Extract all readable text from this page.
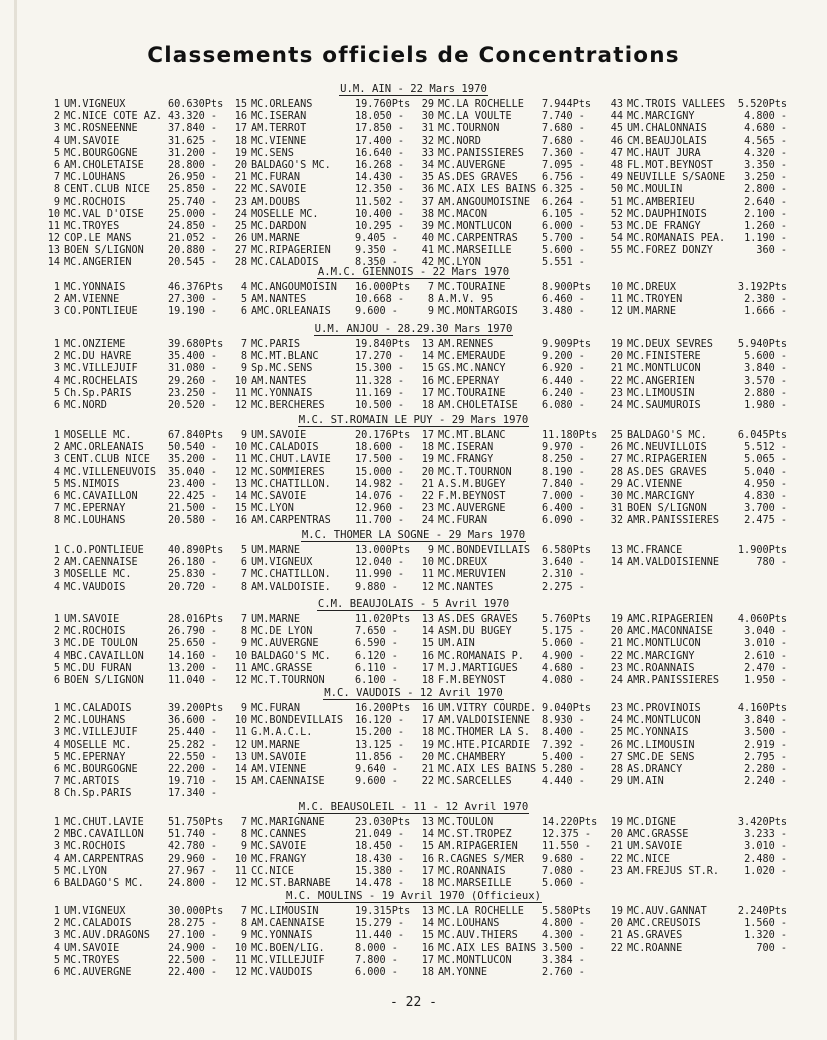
Classements officiels de Concentrations
U.M. AIN - 22 Mars 1970
1 UM.VIGNEUX	60.630Pts
2 MC.NICE COTE AZ. 43.320 -
3 MC.ROSNEENNE	37.840 -
4 UM.SAVOIE	31.625 -
5 MC.BOURGOGNE	31.200 -
6 AM.CHOLETAISE 28.800 -
7 MC.LOUHANS	26.950 -
8 CENT.CLUB NICE 25.850 -
9 MC.ROCHOIS	25.740 -
10 MC.VAL D'OISE 25.000 -
11 MC.TROYES	24.850 -
12 COP.LE MANS	21.052 -
13 BOEN S/LIGNON 20.880 -
14 MC.ANGERIEN	20.545 -
15 MC.ORLEANS	19.760Pts
16 MC.ISERAN	18.050 -
17 AM.TERROT	17.850 -
18 MC.VIENNE	17.400 -
19 MC.SENS	16.640 -
20 BALDAGO'S MC. 16.268 -
21 MC.FURAN	14.430 -
22 MC.SAVOIE	12.350 -
23 AM.DOUBS	11.502 -
24 MOSELLE MC.	10.400 -
25 MC.DARDON	10.295 -
26 UM.MARNE	9.405 -
27 MC.RIPAGERIEN 9.350 -
28 MC.CALADOIS	8.350 -
29 MC.LA ROCHELLE 7.944Pts
30 MC.LA VOULTE	7.740 -
31 MC.TOURNON	7.680 -
32 MC.NORD	7.680 -
33 MC.PANISSIERES 7.360 -
34 MC.AUVERGNE	7.095 -
35 AS.DES GRAVES 6.756 -
36 MC.AIX LES BAINS 6.325 -
37 AM.ANGOUMOISINE 6.264 -
38 MC.MACON	6.105 -
39 MC.MONTLUCON	6.000 -
40 MC.CARPENTRAS 5.700 -
41 MC.MARSEILLE	5.600 -
42 MC.LYON	5.551 -
43 MC.TROIS VALLEES	5.520Pts
44 MC.MARCIGNY	4.800 -
45 UM.CHALONNAIS	4.680 -
46 CM.BEAUJOLAIS	4.565 -
47 MC.HAUT JURA	4.320 -
48 FL.MOT.BEYNOST	3.350 -
49 NEUVILLE S/SAONE	3.250 -
50 MC.MOULIN	2.800 -
51 MC.AMBERIEU	2.640 -
52 MC.DAUPHINOIS	2.100 -
53 MC.DE FRANGY	1.260 -
54 MC.ROMANAIS PEA.	1.190 -
55 MC.FOREZ DONZY	360 -
A.M.C. GIENNOIS - 22 Mars 1970
1 MC.YONNAIS	46.376Pts
2 AM.VIENNE	27.300 -
3 CO.PONTLIEUE	19.190 -
4 MC.ANGOUMOISIN 16.000Pts
5 AM.NANTES	10.668 -
6 AMC.ORLEANAIS 9.600 -
7 MC.TOURAINE	8.900Pts
8 A.M.V. 95	6.460 -
9 MC.MONTARGOIS 3.480 -
10 MC.DREUX	3.192Pts
11 MC.TROYEN	2.380 -
12 UM.MARNE	1.666 -
U.M. ANJOU - 28.29.30 Mars 1970
1 MC.ONZIEME	39.680Pts
2 MC.DU HAVRE	35.400 -
3 MC.VILLEJUIF	31.080 -
4 MC.ROCHELAIS	29.260 -
5 Ch.Sp.PARIS	23.250 -
6 MC.NORD	20.520 -
7 MC.PARIS	19.840Pts
8 MC.MT.BLANC	17.270 -
9 Sp.MC.SENS	15.300 -
10 AM.NANTES	11.328 -
11 MC.YONNAIS	11.169 -
12 MC.BERCHERES	10.500 -
13 AM.RENNES	9.909Pts
14 MC.EMERAUDE	9.200 -
15 GS.MC.NANCY	6.920 -
16 MC.EPERNAY	6.440 -
17 MC.TOURAINE	6.240 -
18 AM.CHOLETAISE 6.080 -
19 MC.DEUX SEVRES	5.940Pts
20 MC.FINISTERE	5.600 -
21 MC.MONTLUCON	3.840 -
22 MC.ANGERIEN	3.570 -
23 MC.LIMOUSIN	2.880 -
24 MC.SAUMUROIS	1.980 -
M.C. ST.ROMAIN LE PUY - 29 Mars 1970
1 MOSELLE MC.	67.840Pts
2 AMC.ORLEANAIS 50.540 -
3 CENT.CLUB NICE 35.200 -
4 MC.VILLENEUVOIS 35.040 -
5 MS.NIMOIS	23.400 -
6 MC.CAVAILLON	22.425 -
7 MC.EPERNAY	21.500 -
8 MC.LOUHANS	20.580 -
9 UM.SAVOIE	20.176Pts
10 MC.CALADOIS	18.600 -
11 MC.CHUT.LAVIE 17.500 -
12 MC.SOMMIERES	15.000 -
13 MC.CHATILLON. 14.982 -
14 MC.SAVOIE	14.076 -
15 MC.LYON	12.960 -
16 AM.CARPENTRAS 11.700 -
17 MC.MT.BLANC	11.180Pts
18 MC.ISERAN	9.970 -
19 MC.FRANGY	8.250 -
20 MC.T.TOURNON	8.190 -
21 A.S.M.BUGEY	7.840 -
22 F.M.BEYNOST	7.000 -
23 MC.AUVERGNE	6.400 -
24 MC.FURAN	6.090 -
25 BALDAGO'S MC.	6.045Pts
26 MC.NEUVILLOIS	5.512 -
27 MC.RIPAGERIEN	5.065 -
28 AS.DES GRAVES	5.040 -
29 AC.VIENNE	4.950 -
30 MC.MARCIGNY	4.830 -
31 BOEN S/LIGNON	3.700 -
32 AMR.PANISSIERES	2.475 -
M.C. THOMER LA SOGNE - 29 Mars 1970
1 C.O.PONTLIEUE 40.890Pts
2 AM.CAENNAISE	26.180 -
3 MOSELLE MC.	25.830 -
4 MC.VAUDOIS	20.720 -
5 UM.MARNE	13.000Pts
6 UM.VIGNEUX	12.040 -
7 MC.CHATILLON. 11.990 -
8 AM.VALDOISIE. 9.880 -
9 MC.BONDEVILLAIS 6.580Pts
10 MC.DREUX	3.640 -
11 MC.MERUVIEN	2.310 -
12 MC.NANTES	2.275 -
13 MC.FRANCE	1.900Pts
14 AM.VALDOISIENNE	780 -
C.M. BEAUJOLAIS - 5 Avril 1970
1 UM.SAVOIE	28.016Pts
2 MC.ROCHOIS	26.790 -
3 MC.DE TOULON	25.650 -
4 MBC.CAVAILLON 14.160 -
5 MC.DU FURAN	13.200 -
6 BOEN S/LIGNON 11.040 -
7 UM.MARNE	11.020Pts
8 MC.DE LYON	7.650 -
9 MC.AUVERGNE	6.590 -
10 BALDAGO'S MC. 6.120 -
11 AMC.GRASSE	6.110 -
12 MC.T.TOURNON	6.100 -
13 AS.DES GRAVES 5.760Pts
14 ASM.DU BUGEY	5.175 -
15 UM.AIN	5.060 -
16 MC.ROMANAIS P. 4.900 -
17 M.J.MARTIGUES 4.680 -
18 F.M.BEYNOST	4.080 -
19 AMC.RIPAGERIEN	4.060Pts
20 AMC.MACONNAISE	3.040 -
21 MC.MONTLUCON	3.010 -
22 MC.MARCIGNY	2.610 -
23 MC.ROANNAIS	2.470 -
24 AMR.PANISSIERES	1.950 -
M.C. VAUDOIS - 12 Avril 1970
1 MC.CALADOIS	39.200Pts
2 MC.LOUHANS	36.600 -
3 MC.VILLEJUIF	25.440 -
4 MOSELLE MC.	25.282 -
5 MC.EPERNAY	22.550 -
6 MC.BOURGOGNE	22.200 -
7 MC.ARTOIS	19.710 -
8 Ch.Sp.PARIS	17.340 -
9 MC.FURAN	16.200Pts
10 MC.BONDEVILLAIS 16.120 -
11 G.M.A.C.L.	15.200 -
12 UM.MARNE	13.125 -
13 UM.SAVOIE	11.856 -
14 AM.VIENNE	9.640 -
15 AM.CAENNAISE	9.600 -
16 UM.VITRY COURDE. 9.040Pts
17 AM.VALDOISIENNE 8.930 -
18 MC.THOMER LA S. 8.400 -
19 MC.HTE.PICARDIE 7.392 -
20 MC.CHAMBERY	5.400 -
21 MC.AIX LES BAINS 5.280 -
22 MC.SARCELLES	4.440 -
23 MC.PROVINOIS	4.160Pts
24 MC.MONTLUCON	3.840 -
25 MC.YONNAIS	3.500 -
26 MC.LIMOUSIN	2.919 -
27 SMC.DE SENS	2.795 -
28 AS.DRANCY	2.280 -
29 UM.AIN	2.240 -
M.C. BEAUSOLEIL - 11 - 12 Avril 1970
1 MC.CHUT.LAVIE 51.750Pts
2 MBC.CAVAILLON 51.740 -
3 MC.ROCHOIS	42.780 -
4 AM.CARPENTRAS 29.960 -
5 MC.LYON	27.967 -
6 BALDAGO'S MC. 24.800 -
7 MC.MARIGNANE	23.030Pts
8 MC.CANNES	21.049 -
9 MC.SAVOIE	18.450 -
10 MC.FRANGY	18.430 -
11 CC.NICE	15.380 -
12 MC.ST.BARNABE 14.478 -
13 MC.TOULON	14.220Pts
14 MC.ST.TROPEZ	12.375 -
15 AM.RIPAGERIEN 11.550 -
16 R.CAGNES S/MER 9.680 -
17 MC.ROANNAIS	7.080 -
18 MC.MARSEILLE	5.060 -
19 MC.DIGNE	3.420Pts
20 AMC.GRASSE	3.233 -
21 UM.SAVOIE	3.010 -
22 MC.NICE	2.480 -
23 AM.FREJUS ST.R.	1.020 -
M.C. MOULINS - 19 Avril 1970 (Officieux)
1 UM.VIGNEUX	30.000Pts
2 MC.CALADOIS	28.275 -
3 MC.AUV.DRAGONS 27.100 -
4 UM.SAVOIE	24.900 -
5 MC.TROYES	22.500 -
6 MC.AUVERGNE	22.400 -
7 MC.LIMOUSIN	19.315Pts
8 AM.CAENNAISE	15.279 -
9 MC.YONNAIS	11.440 -
10 MC.BOEN/LIG.	8.000 -
11 MC.VILLEJUIF	7.800 -
12 MC.VAUDOIS	6.000 -
13 MC.LA ROCHELLE 5.580Pts
14 MC.LOUHANS	4.800 -
15 MC.AUV.THIERS 4.300 -
16 MC.AIX LES BAINS 3.500 -
17 MC.MONTLUCON	3.384 -
18 AM.YONNE	2.760 -
19 MC.AUV.GANNAT	2.240Pts
20 AMC.CREUSOIS	1.560 -
21 AS.GRAVES	1.320 -
22 MC.ROANNE	700 -
- 22 -
